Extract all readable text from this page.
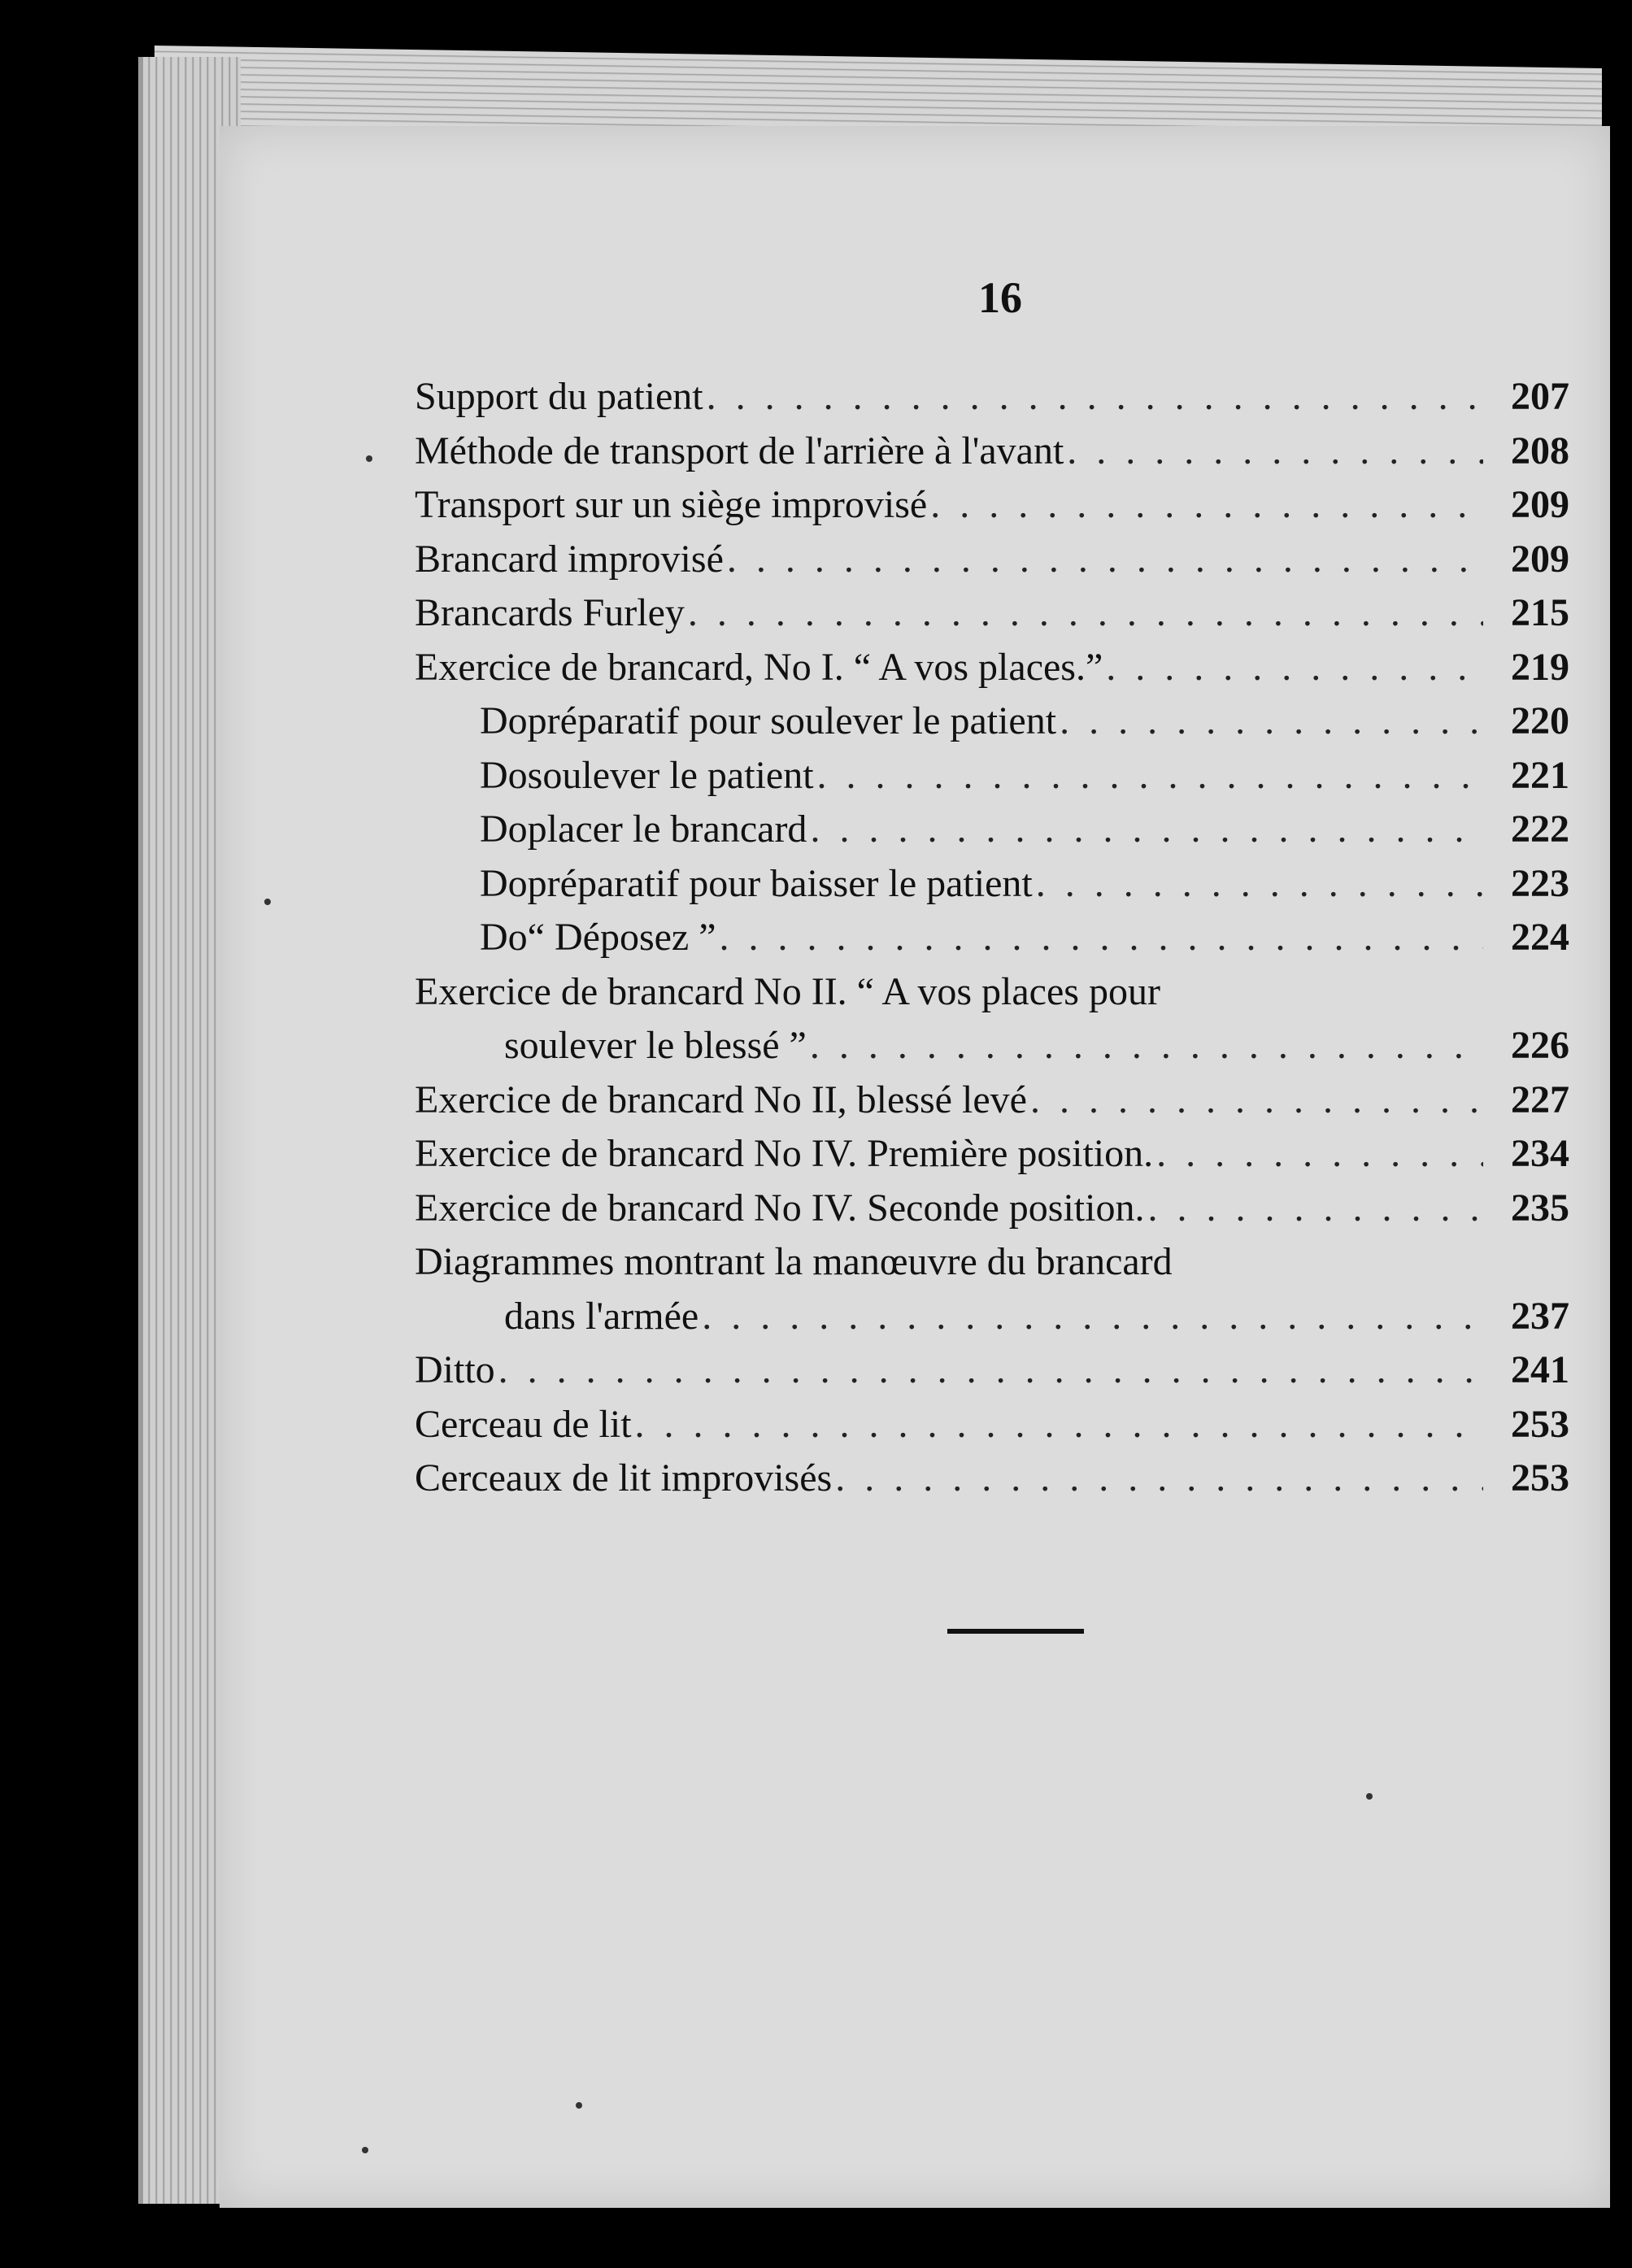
16
Support du patient . . .	207
Méthode de transport de l'arrière à l'avant . . .	208
Transport sur un siège improvisé . . .	209
Brancard improvisé . . .	209
Brancards Furley . . .	215
Exercice de brancard, No I. “ A vos places.” . . .	219
Do préparatif pour soulever le patient . . .	220
Do soulever le patient . . .	221
Do placer le brancard . . .	222
Do préparatif pour baisser le patient . . .	223
Do “ Déposez ” . . .	224
Exercice de brancard No II. “ A vos places pour
soulever le blessé ” . . .	226
Exercice de brancard No II, blessé levé . . .	227
Exercice de brancard No IV. Première position. . . .	234
Exercice de brancard No IV. Seconde position. . . .	235
Diagrammes montrant la manœuvre du brancard
dans l'armée . . .	237
Ditto . . .	241
Cerceau de lit . . .	253
Cerceaux de lit improvisés . . .	253
